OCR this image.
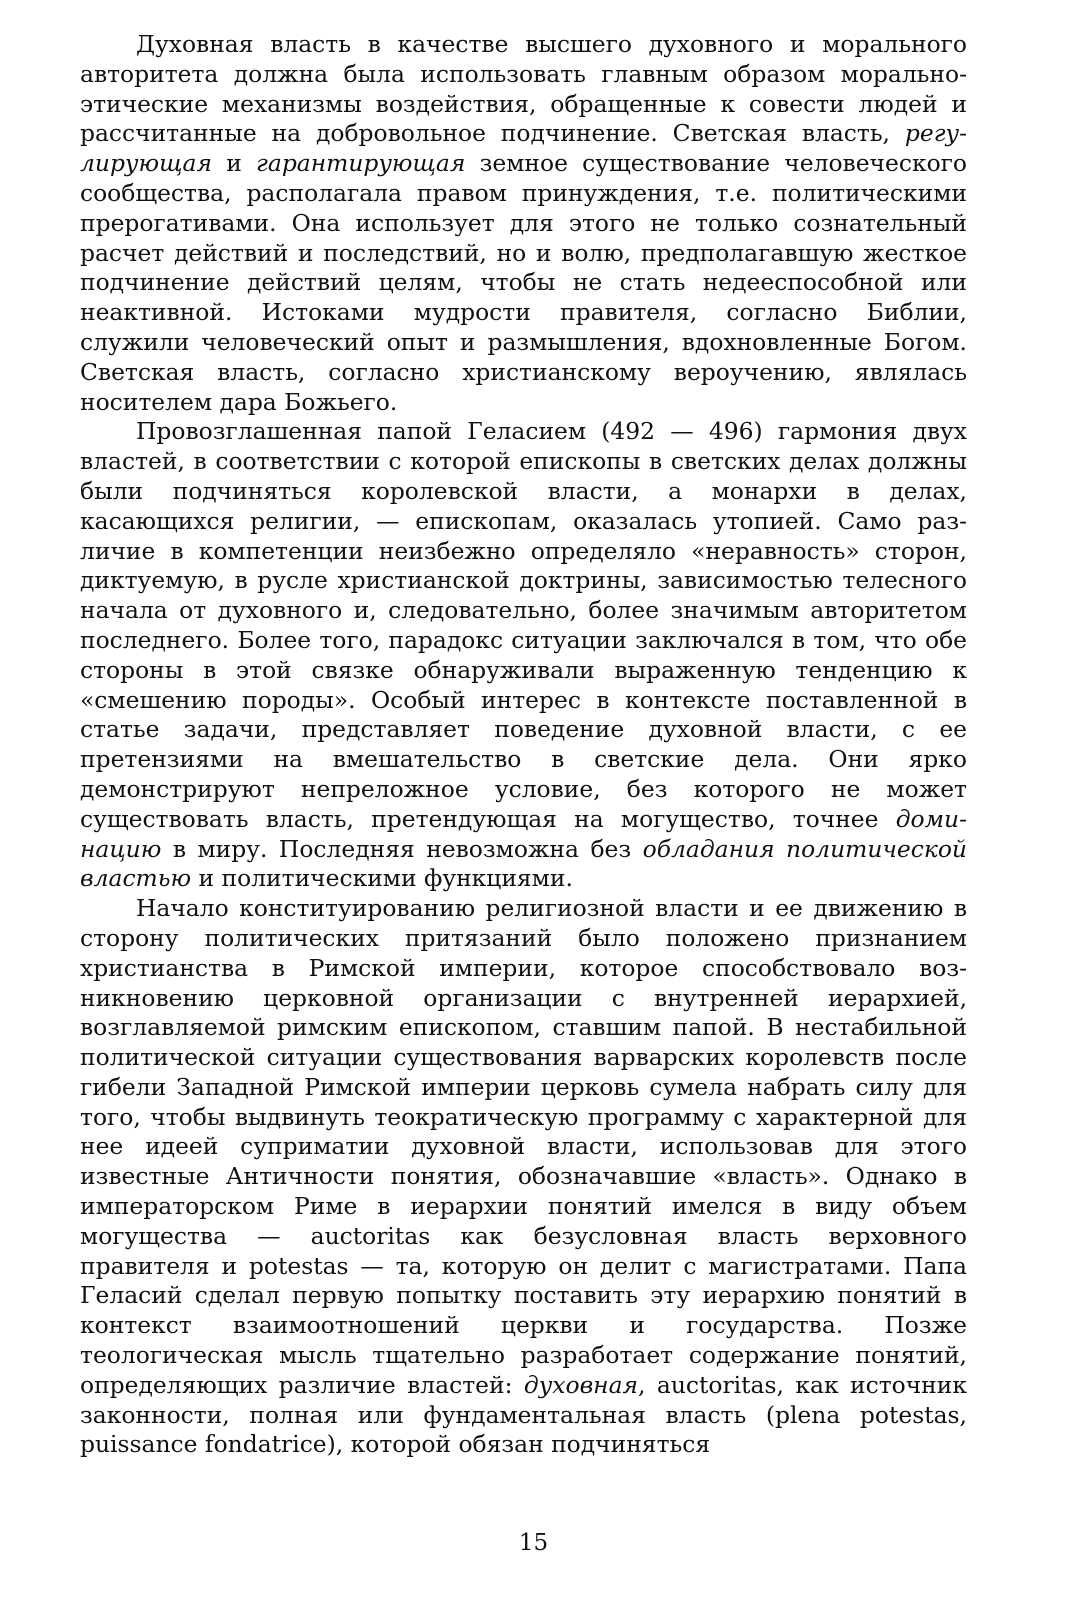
Духовная власть в качестве высшего духовного и морального авторитета должна была использовать главным образом морально-этические механизмы воздействия, обращенные к совести людей и рассчитанные на добровольное подчинение. Светская власть, регулирующая и гарантирующая земное существование человеческого сообщества, располагала правом принуждения, т.е. политическими прерогативами. Она использует для этого не только сознательный расчет действий и последствий, но и волю, предполагавшую жесткое подчинение действий целям, чтобы не стать недееспособной или неактивной. Истоками мудрости правителя, согласно Библии, служили человеческий опыт и размышления, вдохновленные Богом. Светская власть, согласно христианскому вероучению, являлась носителем дара Божьего.

Провозглашенная папой Геласием (492 — 496) гармония двух властей, в соответствии с которой епископы в светских делах должны были подчиняться королевской власти, а монархи в делах, касающихся религии, — епископам, оказалась утопией. Само различие в компетенции неизбежно определяло «неравность» сторон, диктуемую, в русле христианской доктрины, зависимостью телесного начала от духовного и, следовательно, более значимым авторитетом последнего. Более того, парадокс ситуации заключался в том, что обе стороны в этой связке обнаруживали выраженную тенденцию к «смешению породы». Особый интерес в контексте поставленной в статье задачи, представляет поведение духовной власти, с ее претензиями на вмешательство в светские дела. Они ярко демонстрируют непреложное условие, без которого не может существовать власть, претендующая на могущество, точнее доминацию в миру. Последняя невозможна без обладания политической властью и политическими функциями.

Начало конституированию религиозной власти и ее движению в сторону политических притязаний было положено признанием христианства в Римской империи, которое способствовало возникновению церковной организации с внутренней иерархией, возглавляемой римским епископом, ставшим папой. В нестабильной политической ситуации существования варварских королевств после гибели Западной Римской империи церковь сумела набрать силу для того, чтобы выдвинуть теократическую программу с характерной для нее идеей суприматии духовной власти, использовав для этого известные Античности понятия, обозначавшие «власть». Однако в императорском Риме в иерархии понятий имелся в виду объем могущества — auctoritas как безусловная власть верховного правителя и potestas — та, которую он делит с магистратами. Папа Геласий сделал первую попытку поставить эту иерархию понятий в контекст взаимоотношений церкви и государства. Позже теологическая мысль тщательно разработает содержание понятий, определяющих различие властей: духовная, auctoritas, как источник законности, полная или фундаментальная власть (plena potestas, puissance fondatrice), которой обязан подчиняться

15
